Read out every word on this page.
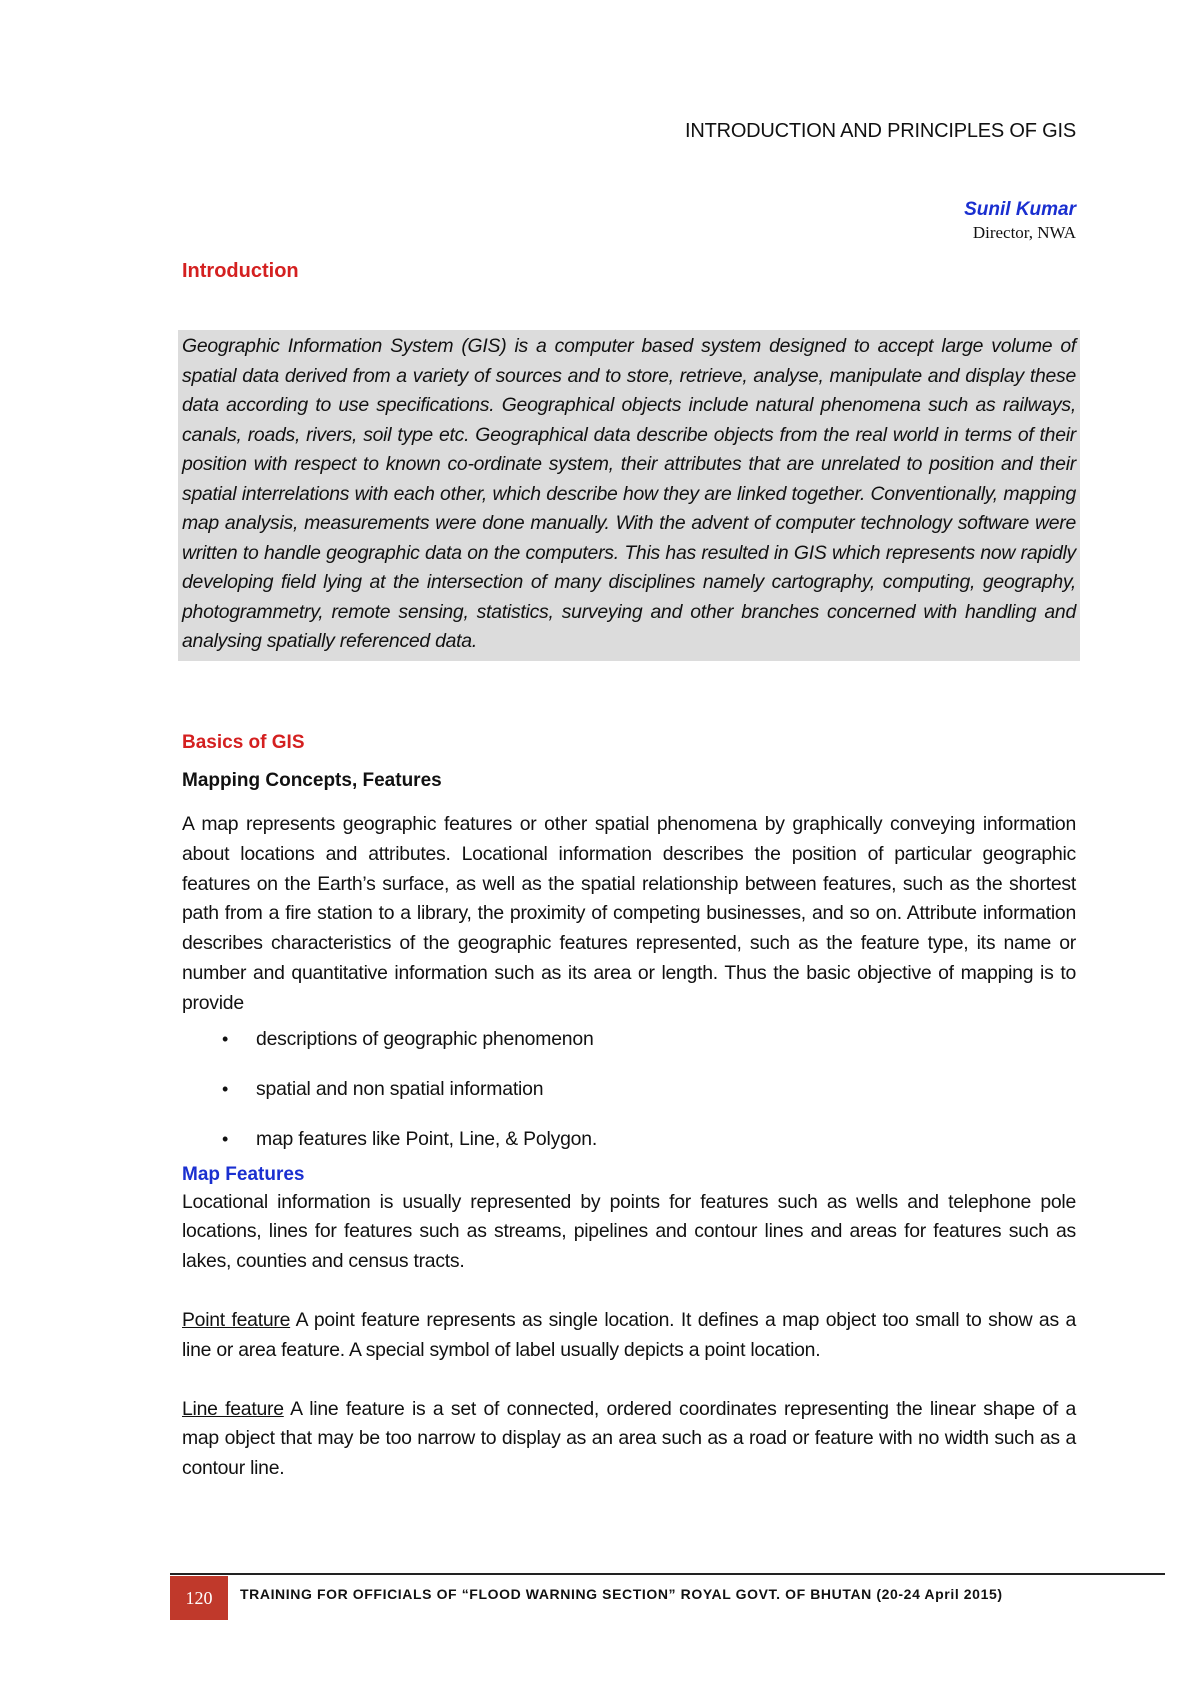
INTRODUCTION AND PRINCIPLES OF GIS
Sunil Kumar
Director, NWA
Introduction

Geographic Information System (GIS) is a computer based system designed to accept large volume of spatial data derived from a variety of sources and to store, retrieve, analyse, manipulate and display these data according to use specifications. Geographical objects include natural phenomena such as railways, canals, roads, rivers, soil type etc. Geographical data describe objects from the real world in terms of their position with respect to known co-ordinate system, their attributes that are unrelated to position and their spatial interrelations with each other, which describe how they are linked together. Conventionally, mapping map analysis, measurements were done manually. With the advent of computer technology software were written to handle geographic data on the computers. This has resulted in GIS which represents now rapidly developing field lying at the intersection of many disciplines namely cartography, computing, geography, photogrammetry, remote sensing, statistics, surveying and other branches concerned with handling and analysing spatially referenced data.

Basics of GIS
Mapping Concepts, Features

A map represents geographic features or other spatial phenomena by graphically conveying information about locations and attributes. Locational information describes the position of particular geographic features on the Earth’s surface, as well as the spatial relationship between features, such as the shortest path from a fire station to a library, the proximity of competing businesses, and so on. Attribute information describes characteristics of the geographic features represented, such as the feature type, its name or number and quantitative information such as its area or length. Thus the basic objective of mapping is to provide

• descriptions of geographic phenomenon
• spatial and non spatial information
• map features like Point, Line, & Polygon.
Map Features

Locational information is usually represented by points for features such as wells and telephone pole locations, lines for features such as streams, pipelines and contour lines and areas for features such as lakes, counties and census tracts.

Point feature A point feature represents as single location. It defines a map object too small to show as a line or area feature. A special symbol of label usually depicts a point location.

Line feature A line feature is a set of connected, ordered coordinates representing the linear shape of a map object that may be too narrow to display as an area such as a road or feature with no width such as a contour line.

120	TRAINING FOR OFFICIALS OF “FLOOD WARNING SECTION” ROYAL GOVT. OF BHUTAN (20-24 April 2015)
